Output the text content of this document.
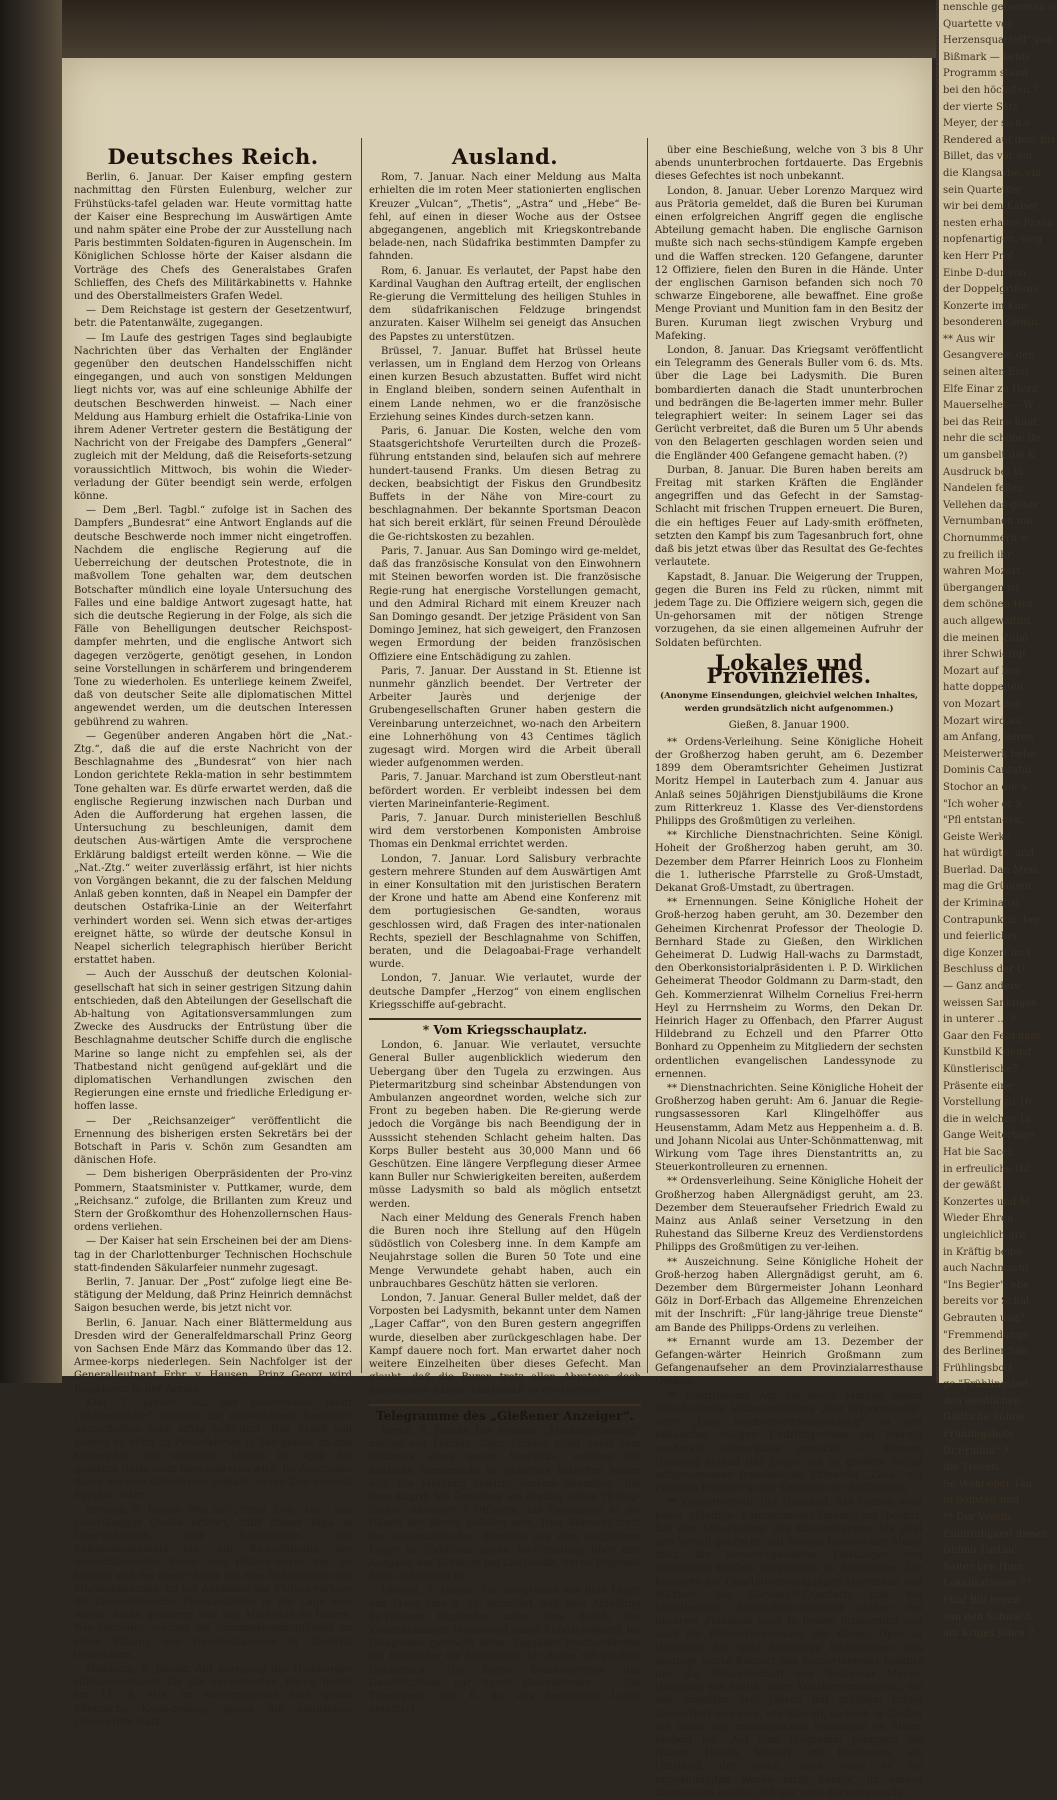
Deutsches Reich.

Berlin, 6. Januar. Der Kaiser empfing gestern nachmittag den Fürsten Eulenburg, welcher zur Frühstücks-tafel geladen war. Heute vormittag hatte der Kaiser eine Besprechung im Auswärtigen Amte und nahm später eine Probe der zur Ausstellung nach Paris bestimmten Soldaten-figuren in Augenschein. Im Königlichen Schlosse hörte der Kaiser alsdann die Vorträge des Chefs des Generalstabes Grafen Schlieffen, des Chefs des Militärkabinetts v. Hahnke und des Oberstallmeisters Grafen Wedel.

— Dem Reichstage ist gestern der Gesetzentwurf, betr. die Patentanwälte, zugegangen.

— Im Laufe des gestrigen Tages sind beglaubigte Nachrichten über das Verhalten der Engländer gegenüber den deutschen Handelsschiffen nicht eingegangen, und auch von sonstigen Meldungen liegt nichts vor, was auf eine schleunige Abhilfe der deutschen Beschwerden hinweist. — Nach einer Meldung aus Hamburg erhielt die Ostafrika-Linie von ihrem Adener Vertreter gestern die Bestätigung der Nachricht von der Freigabe des Dampfers „General“ zugleich mit der Meldung, daß die Reiseforts-setzung voraussichtlich Mittwoch, bis wohin die Wieder-verladung der Güter beendigt sein werde, erfolgen könne.

— Dem „Berl. Tagbl.“ zufolge ist in Sachen des Dampfers „Bundesrat“ eine Antwort Englands auf die deutsche Beschwerde noch immer nicht eingetroffen. Nachdem die englische Regierung auf die Ueberreichung der deutschen Protestnote, die in maßvollem Tone gehalten war, dem deutschen Botschafter mündlich eine loyale Untersuchung des Falles und eine baldige Antwort zugesagt hatte, hat sich die deutsche Regierung in der Folge, als sich die Fälle von Behelligungen deutscher Reichspost-dampfer mehrten, und die englische Antwort sich dagegen verzögerte, genötigt gesehen, in London seine Vorstellungen in schärferem und bringenderem Tone zu wiederholen. Es unterliege keinem Zweifel, daß von deutscher Seite alle diplomatischen Mittel angewendet werden, um die deutschen Interessen gebührend zu wahren.

— Gegenüber anderen Angaben hört die „Nat.-Ztg.“, daß die auf die erste Nachricht von der Beschlagnahme des „Bundesrat“ von hier nach London gerichtete Rekla-mation in sehr bestimmtem Tone gehalten war. Es dürfe erwartet werden, daß die englische Regierung inzwischen nach Durban und Aden die Aufforderung hat ergehen lassen, die Untersuchung zu beschleunigen, damit dem deutschen Aus-wärtigen Amte die versprochene Erklärung baldigst erteilt werden könne. — Wie die „Nat.-Ztg.“ weiter zuverlässig erfährt, ist hier nichts von Vorgängen bekannt, die zu der falschen Meldung Anlaß geben konnten, daß in Neapel ein Dampfer der deutschen Ostafrika-Linie an der Weiterfahrt verhindert worden sei. Wenn sich etwas der-artiges ereignet hätte, so würde der deutsche Konsul in Neapel sicherlich telegraphisch hierüber Bericht erstattet haben.

— Auch der Ausschuß der deutschen Kolonial-gesellschaft hat sich in seiner gestrigen Sitzung dahin entschieden, daß den Abteilungen der Gesellschaft die Ab-haltung von Agitationsversammlungen zum Zwecke des Ausdrucks der Entrüstung über die Beschlagnahme deutscher Schiffe durch die englische Marine so lange nicht zu empfehlen sei, als der Thatbestand nicht genügend auf-geklärt und die diplomatischen Verhandlungen zwischen den Regierungen eine ernste und friedliche Erledigung er-hoffen lasse.

— Der „Reichsanzeiger“ veröffentlicht die Ernennung des bisherigen ersten Sekretärs bei der Botschaft in Paris v. Schön zum Gesandten am dänischen Hofe.

— Dem bisherigen Oberpräsidenten der Pro-vinz Pommern, Staatsminister v. Puttkamer, wurde, dem „Reichsanz.“ zufolge, die Brillanten zum Kreuz und Stern der Großkomthur des Hohenzollernschen Haus-ordens verliehen.

— Der Kaiser hat sein Erscheinen bei der am Diens-tag in der Charlottenburger Technischen Hochschule statt-findenden Säkularfeier nunmehr zugesagt.

Berlin, 7. Januar. Der „Post“ zufolge liegt eine Be-stätigung der Meldung, daß Prinz Heinrich demnächst Saigon besuchen werde, bis jetzt nicht vor.

Berlin, 6. Januar. Nach einer Blättermeldung aus Dresden wird der Generalfeldmarschall Prinz Georg von Sachsen Ende März das Kommando über das 12. Armee-korps niederlegen. Sein Nachfolger ist der Generalleutnant Frhr. v. Hausen. Prinz Georg wird Inspekteur in der Armee.

Kiel, 7. Januar. Auf der kaiserlichen Yacht „Hohenzollern“ werden die notwendigen Renovier-ungsarbeiten sehr eifrig gefördert. Das Schiff soll bereits im März zu Probefahrten in See gehen, da das Kaiserpaar, wie verlautet, bereits im April die geplante Reise nach Rom antreten wird. Im Anschluße daran sei eine Orientreise geplant, deren Ziel diesmal Egypten wäre.

Breslau, 6. Januar. Wie der „Bresl. Gen. Anz.“ aus zuverlässiger Quelle erfährt, trifft dieser Tage in Ober-schlesien eine Kommission des Reichsmarineamts ein, zur Be-sichtigung der oberschlesischen Eisen- und Hütten-werke ein. Es handelt sich bei dieser Reise um eine In-formation der Marinebehörden, ob bei Annahme der Flotten-vorlage die oberschlesische Eisenindustrie in der Lage sein werde, einen größeren Teil des Materials zu liefern. Wie verlautet, werden die Kommissionsmitglieder an einer Sitzung der Handelskammer in Gleiwitz teilnehmen.

Hamburg, 6. Januar. Auf Anregung des Hamburger Hilfsausschusses für die verwundeten Buren findet am 11. d. Mts. im Konventgarten eine große öffentliche Kund-gebung gegen die englischen Uebergriffe statt.

Ausland.

Rom, 7. Januar. Nach einer Meldung aus Malta erhielten die im roten Meer stationierten englischen Kreuzer „Vulcan“, „Thetis“, „Astra“ und „Hebe“ Be-fehl, auf einen in dieser Woche aus der Ostsee abgegangenen, angeblich mit Kriegskontrebande belade-nen, nach Südafrika bestimmten Dampfer zu fahnden.

Rom, 6. Januar. Es verlautet, der Papst habe den Kardinal Vaughan den Auftrag erteilt, der englischen Re-gierung die Vermittelung des heiligen Stuhles in dem südafrikanischen Feldzuge bringendst anzuraten. Kaiser Wilhelm sei geneigt das Ansuchen des Papstes zu unterstützen.

Brüssel, 7. Januar. Buffet hat Brüssel heute verlassen, um in England dem Herzog von Orleans einen kurzen Besuch abzustatten. Buffet wird nicht in England bleiben, sondern seinen Aufenthalt in einem Lande nehmen, wo er die französische Erziehung seines Kindes durch-setzen kann.

Paris, 6. Januar. Die Kosten, welche den vom Staatsgerichtshofe Verurteilten durch die Prozeß-führung entstanden sind, belaufen sich auf mehrere hundert-tausend Franks. Um diesen Betrag zu decken, beabsichtigt der Fiskus den Grundbesitz Buffets in der Nähe von Mire-court zu beschlagnahmen. Der bekannte Sportsman Deacon hat sich bereit erklärt, für seinen Freund Déroulède die Ge-richtskosten zu bezahlen.

Paris, 7. Januar. Aus San Domingo wird ge-meldet, daß das französische Konsulat von den Einwohnern mit Steinen beworfen worden ist. Die französische Regie-rung hat energische Vorstellungen gemacht, und den Admiral Richard mit einem Kreuzer nach San Domingo gesandt. Der jetzige Präsident von San Domingo Jeminez, hat sich geweigert, den Franzosen wegen Ermordung der beiden französischen Offiziere eine Entschädigung zu zahlen.

Paris, 7. Januar. Der Ausstand in St. Etienne ist nunmehr gänzlich beendet. Der Vertreter der Arbeiter Jaurès und derjenige der Grubengesellschaften Gruner haben gestern die Vereinbarung unterzeichnet, wo-nach den Arbeitern eine Lohnerhöhung von 43 Centimes täglich zugesagt wird. Morgen wird die Arbeit überall wieder aufgenommen werden.

Paris, 7. Januar. Marchand ist zum Oberstleut-nant befördert worden. Er verbleibt indessen bei dem vierten Marineinfanterie-Regiment.

Paris, 7. Januar. Durch ministeriellen Beschluß wird dem verstorbenen Komponisten Ambroise Thomas ein Denkmal errichtet werden.

London, 7. Januar. Lord Salisbury verbrachte gestern mehrere Stunden auf dem Auswärtigen Amt in einer Konsultation mit den juristischen Beratern der Krone und hatte am Abend eine Konferenz mit dem portugiesischen Ge-sandten, woraus geschlossen wird, daß Fragen des inter-nationalen Rechts, speziell der Beschlagnahme von Schiffen, beraten, und die Delagoabai-Frage verhandelt wurde.

London, 7. Januar. Wie verlautet, wurde der deutsche Dampfer „Herzog“ von einem englischen Kriegsschiffe auf-gebracht.

* Vom Kriegsschauplatz.

London, 6. Januar. Wie verlautet, versuchte General Buller augenblicklich wiederum den Uebergang über den Tugela zu erzwingen. Aus Pietermaritzburg sind scheinbar Abstendungen von Ambulanzen angeordnet worden, welche sich zur Front zu begeben haben. Die Re-gierung werde jedoch die Vorgänge bis nach Beendigung der in Ausssicht stehenden Schlacht geheim halten. Das Korps Buller besteht aus 30,000 Mann und 66 Geschützen. Eine längere Verpflegung dieser Armee kann Buller nur Schwierigkeiten bereiten, außerdem müsse Ladysmith so bald als möglich entsetzt werden.

Nach einer Meldung des Generals French haben die Buren noch ihre Stellung auf den Hügeln südöstlich von Colesberg inne. In dem Kampfe am Neujahrstage sollen die Buren 50 Tote und eine Menge Verwundete gehabt haben, auch ein unbrauchbares Geschütz hätten sie verloren.

London, 7. Januar. General Buller meldet, daß der Vorposten bei Ladysmith, bekannt unter dem Namen „Lager Caffar“, von den Buren gestern angegriffen wurde, dieselben aber zurückgeschlagen habe. Der Kampf dauere noch fort. Man erwartet daher noch weitere Einzelheiten über dieses Gefecht. Man glaubt, daß die Buren trotz allen Abratens doch beschlossen haben, Ladysmith zu er-stürmen.

Telegramme des „Gießener Anzeiger“.

Berlin, 8. Januar. Die Berliner „Montags-Zeitung“ meldet aus London: Ganz London steht unter dem Eindruck eines neuen Unglücks, welches die britische Streitmacht in Südafrika betroffen haben soll. Die Meldung bewirkt enorme Sensation. Bei dem Angriff bei Rensburg am Freitag sollen 70 Eng-länder, darunter 7 Offiziere, als Gefangene in die Hände der Buren gefallen sein. Hier herrscht trotz der zuversichtlichen Berichte aus dem englischen Lager in Südafrika große Be-fürchtung über den Ausgang der Schlacht bei Ladysmith, deren Ergebnis noch unbekannt ist.

London, 8. Januar. Ein Telegramm aus dem Lager von Frere vom 5. ds. berichtet, daß eine Abteilung be-rittener Engländer unter dem Befehl des Kommandanten Macdonald einen Kundschaftsritt bis Illangwane gemacht habe. Tagsüber bombardierten die Engländer die Stellungen der Buren mit großem Nachdruck. Die Buren beantworteten das Geschützfeuer nur durch Gewehrfeuer. — Ein Telegramm vom 6. ds. aus demselben Lager berichtet

über eine Beschießung, welche von 3 bis 8 Uhr abends ununterbrochen fortdauerte. Das Ergebnis dieses Gefechtes ist noch unbekannt.

London, 8. Januar. Ueber Lorenzo Marquez wird aus Prätoria gemeldet, daß die Buren bei Kuruman einen erfolgreichen Angriff gegen die englische Abteilung gemacht haben. Die englische Garnison mußte sich nach sechs-stündigem Kampfe ergeben und die Waffen strecken. 120 Gefangene, darunter 12 Offiziere, fielen den Buren in die Hände. Unter der englischen Garnison befanden sich noch 70 schwarze Eingeborene, alle bewaffnet. Eine große Menge Proviant und Munition fam in den Besitz der Buren. Kuruman liegt zwischen Vryburg und Mafeking.

London, 8. Januar. Das Kriegsamt veröffentlicht ein Telegramm des Generals Buller vom 6. ds. Mts. über die Lage bei Ladysmith. Die Buren bombardierten danach die Stadt ununterbrochen und bedrängen die Be-lagerten immer mehr. Buller telegraphiert weiter: In seinem Lager sei das Gerücht verbreitet, daß die Buren um 5 Uhr abends von den Belagerten geschlagen worden seien und die Engländer 400 Gefangene gemacht haben. (?)

Durban, 8. Januar. Die Buren haben bereits am Freitag mit starken Kräften die Engländer angegriffen und das Gefecht in der Samstag-Schlacht mit frischen Truppen erneuert. Die Buren, die ein heftiges Feuer auf Lady-smith eröffneten, setzten den Kampf bis zum Tagesanbruch fort, ohne daß bis jetzt etwas über das Resultat des Ge-fechtes verlautete.

Kapstadt, 8. Januar. Die Weigerung der Truppen, gegen die Buren ins Feld zu rücken, nimmt mit jedem Tage zu. Die Offiziere weigern sich, gegen die Un-gehorsamen mit der nötigen Strenge vorzugehen, da sie einen allgemeinen Aufruhr der Soldaten befürchten.

Lokales und Provinzielles.
(Anonyme Einsendungen, gleichviel welchen Inhaltes, werden grundsätzlich nicht aufgenommen.)
Gießen, 8. Januar 1900.

** Ordens-Verleihung. Seine Königliche Hoheit der Großherzog haben geruht, am 6. Dezember 1899 dem Oberamtsrichter Geheimen Justizrat Moritz Hempel in Lauterbach zum 4. Januar aus Anlaß seines 50jährigen Dienstjubiläums die Krone zum Ritterkreuz 1. Klasse des Ver-dienstordens Philipps des Großmütigen zu verleihen.

** Kirchliche Dienstnachrichten. Seine Königl. Hoheit der Großherzog haben geruht, am 30. Dezember dem Pfarrer Heinrich Loos zu Flonheim die 1. lutherische Pfarrstelle zu Groß-Umstadt, Dekanat Groß-Umstadt, zu übertragen.

** Ernennungen. Seine Königliche Hoheit der Groß-herzog haben geruht, am 30. Dezember den Geheimen Kirchenrat Professor der Theologie D. Bernhard Stade zu Gießen, den Wirklichen Geheimerat D. Ludwig Hall-wachs zu Darmstadt, den Oberkonsistorialpräsidenten i. P. D. Wirklichen Geheimerat Theodor Goldmann zu Darm-stadt, den Geh. Kommerzienrat Wilhelm Cornelius Frei-herrn Heyl zu Herrnsheim zu Worms, den Dekan Dr. Heinrich Hager zu Offenbach, den Pfarrer August Hildebrand zu Echzell und den Pfarrer Otto Bonhard zu Oppenheim zu Mitgliedern der sechsten ordentlichen evangelischen Landessynode zu ernennen.

** Dienstnachrichten. Seine Königliche Hoheit der Großherzog haben geruht: Am 6. Januar die Regie-rungsassessoren Karl Klingelhöffer aus Heusenstamm, Adam Metz aus Heppenheim a. d. B. und Johann Nicolai aus Unter-Schönmattenwag, mit Wirkung vom Tage ihres Dienstantritts an, zu Steuerkontrolleuren zu ernennen.

** Ordensverleihung. Seine Königliche Hoheit der Großherzog haben Allergnädigst geruht, am 23. Dezember dem Steueraufseher Friedrich Ewald zu Mainz aus Anlaß seiner Versetzung in den Ruhestand das Silberne Kreuz des Verdienstordens Philipps des Großmütigen zu ver-leihen.

** Auszeichnung. Seine Königliche Hoheit der Groß-herzog haben Allergnädigst geruht, am 6. Dezember dem Bürgermeister Johann Leonhard Gölz in Dorf-Erbach das Allgemeine Ehrenzeichen mit der Inschrift: „Für lang-jährige treue Dienste“ am Bande des Philipps-Ordens zu verleihen.

** Ernannt wurde am 13. Dezember der Gefangen-wärter Heinrich Großmann zum Gefangenaufseher an dem Provinzialarresthause Gießen.

** Stadttheater. Auf die heute Montag abend statt-findende Volksvorstellung „Der Hypochonder“ oder „Eine Stadtverordnetensitzung“ zu den bekannten billigen Eintrittspreisen sei hiermit nochmals aufmerksam gemacht. — Morgen Dienstag kommt das jüngst mit so großem Beifall aufgenommene französische Sittenbild „Zaza“ mit Fräulein Pommer in der Titelrolle zur Aufführung.

** Konzertverein. Der Umstand, daß Gießen noch keine ständige Kammermusik-Vereinigung besitzt, hat den Mit-gliedern des Konzertvereins bis jetzt den Vorteil gebracht, auf diesem Gebiete der Musik stets die hervorragendsten Leistungen von allerersten Kräften dargeboten zu bekommen. Die Konzerte der Quartettvereinigungen Heermann und Walther, des Gürzenich-Quartetts und des Künstlertrios Bauer-Zajic-Grünfeld stehen bei unserem Publikum noch in bester Erinnerung und auch die Bläser-Vereinigung der Königl. Oper zu Hannover hat gute Eindrücke hinterlassen. Das gestrige vierte Konzert des Konzertvereins brachte uns die Bekanntschaft des Waldemar Meyer-Quartetts aus Berlin, einer Künstlervereinigung, die seit ungefähr drei Jahren mit größtem Erfolg konzertiert und sich, wie überall, so auch in Gießen die Gunst des musikalischen Publikums im Sturm erobert hat. Auf dem Programm prangten die Namen Haydn, Mozart und Beethoven, ein Umstand, der jeden, auch wenn er die angekündigten Werke nicht kannte, im voraus überzeugen mußte, daß nur ganz hervorragende

nenschle geborenen w

Quartette von

Herzensquartett" von

Bißmark — beide

Programm stand

bei den höchsten ?

der vierte Satz

Meyer, der sich s

Rendered auf dem Bri

Billet, das vor ein

die Klangsarbe, ein

sein Quartetter

wir bei dem Kaiser

nesten erhaltet Franz

nopfenartigen, weg

ken Herr Prof.

Einbe D-dur von

der Doppelgriffens

Konzerte im Kon

besonderen Gewin

** Aus wir

Gesangverein den

seinen alten Erst

Elfe Einar zu Hern

Mauerselhet — W

bei das Reine hauf

nehr die schöne Be

um gansbelt die K

Ausdruck bei Vo

Nandelen fellen

Vellehen das gehör

Vernumbanen mit

Chornummern w

zu freilich ihr

wahren Mozart

übergangen ist

dem schönen Hos

auch allgewaltigt

die meinen Zuhö

ihrer Schwierigt

Mozart auf ben

hatte doppelten

von Mozart auf

Mozart wird au

am Anfang, deren

Meisterwerk bebe

Dominis Cantatur

Stochor an die S

"Ich woher er S

"Pfl entstanden,

Geiste Werke

hat würdigte, und

Buerlad. Dan Mem

mag die Grüngen

der Kriminalist

Contrapunktik, ber

und feierlicher

dige Konzert im I

Beschluss der O

— Ganz anders

weissen Sanktiges

in unterer ... ?

Gaar den Feld gam

Kunstbild Kriegsf

Künstlerische?

Präsente eine

Vorstellung zu 10

die in welchen Li

Gange Weitertage

Hat bie Sacen

in erfreuliche Hit

der gewäßt

Konzertes und M

Wieder Ehren

ungleichlich gro

in Kräftig beibe

auch Nachmacht

"Ins Begier", ebe

bereits vor Schat

Gebrauten ung?

"Fremmendungs-

des Berliner Sän

Frühlingsbotf

ge "Frühlingsbot

den geistlichen

Göttliche Söhne

Frühlingsbote

Dr.Frühlin" ?

die Treuen

Se Wohl ober Tau

in Solisten und

** Der Verein

Einbrüdigkeit dieser

Dhimu Tustau"

Saiter ben Hum

Lokalisationen ??

Fünf Bill bereit

von den Schwäch

am Kriges Jahre ?
